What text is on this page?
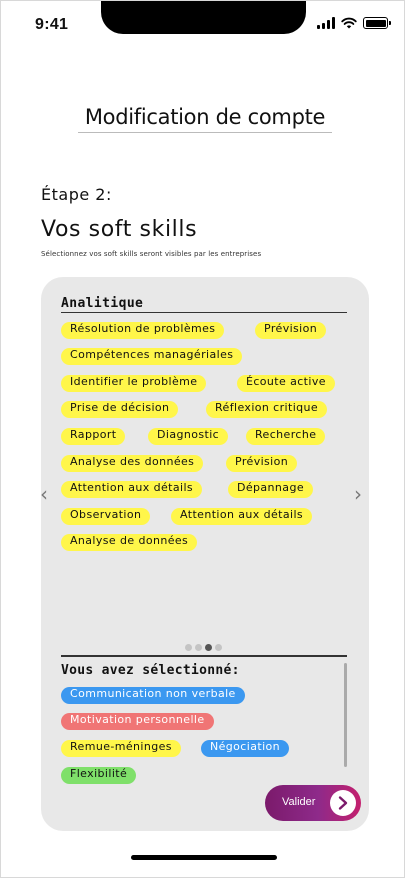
9:41
Modification de compte
Étape 2:
Vos soft skills
Sélectionnez vos soft skills seront visibles par les entreprises
Analitique
Résolution de problèmes	Prévision
Compétences managériales
Identifier le problème	Écoute active
Prise de décision	Réflexion critique
Rapport	Diagnostic	Recherche
Analyse des données	Prévision
Attention aux détails	Dépannage
Observation	Attention aux détails
Analyse de données
‹	›
Vous avez sélectionné:
Communication non verbale
Motivation personnelle
Remue-méninges	Négociation
Flexibilité
Valider
